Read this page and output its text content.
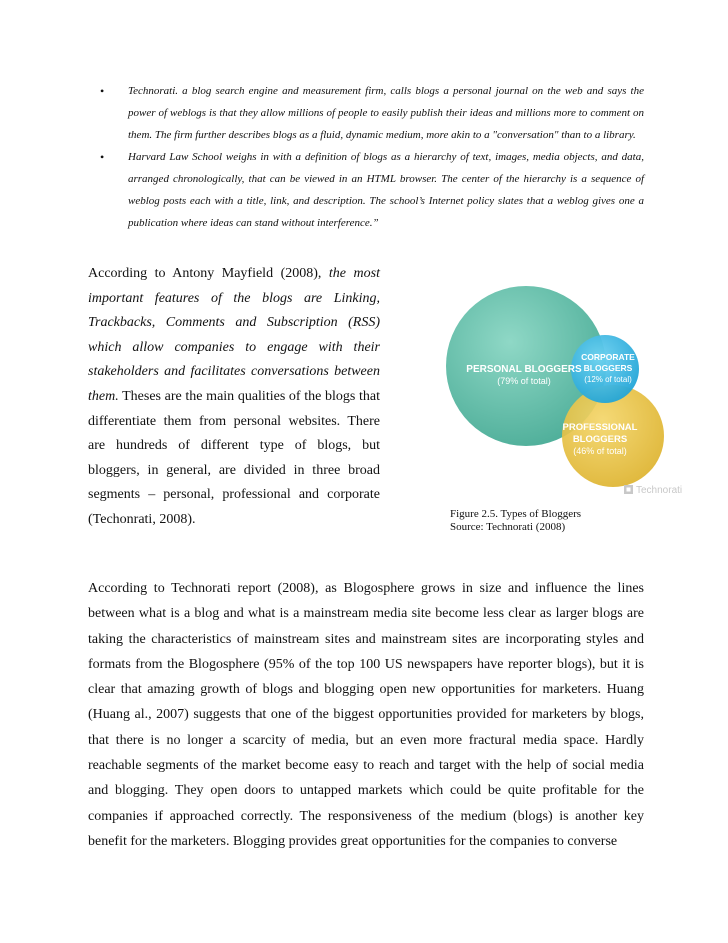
• Technorati. a blog search engine and measurement firm, calls blogs a personal journal on the web and says the power of weblogs is that they allow millions of people to easily publish their ideas and millions more to comment on them. The firm further describes blogs as a fluid, dynamic medium, more akin to a "conversation" than to a library.
• Harvard Law School weighs in with a definition of blogs as a hierarchy of text, images, media objects, and data, arranged chronologically, that can be viewed in an HTML browser. The center of the hierarchy is a sequence of weblog posts each with a title, link, and description. The school’s Internet policy slates that a weblog gives one a publication where ideas can stand without interference.”
According to Antony Mayfield (2008), the most important features of the blogs are Linking, Trackbacks, Comments and Subscription (RSS) which allow companies to engage with their stakeholders and facilitates conversations between them. Theses are the main qualities of the blogs that differentiate them from personal websites. There are hundreds of different type of blogs, but bloggers, in general, are divided in three broad segments – personal, professional and corporate (Techonrati, 2008).
PERSONAL BLOGGERS
(79% of total)
CORPORATE
BLOGGERS
(12% of total)
PROFESSIONAL
BLOGGERS
(46% of total)
Technorati
Figure 2.5. Types of Bloggers
Source: Technorati (2008)
According to Technorati report (2008), as Blogosphere grows in size and influence the lines between what is a blog and what is a mainstream media site become less clear as larger blogs are taking the characteristics of mainstream sites and mainstream sites are incorporating styles and formats from the Blogosphere (95% of the top 100 US newspapers have reporter blogs), but it is clear that amazing growth of blogs and blogging open new opportunities for marketers. Huang (Huang al., 2007) suggests that one of the biggest opportunities provided for marketers by blogs, that there is no longer a scarcity of media, but an even more fractural media space. Hardly reachable segments of the market become easy to reach and target with the help of social media and blogging. They open doors to untapped markets which could be quite profitable for the companies if approached correctly. The responsiveness of the medium (blogs) is another key benefit for the marketers. Blogging provides great opportunities for the companies to converse
